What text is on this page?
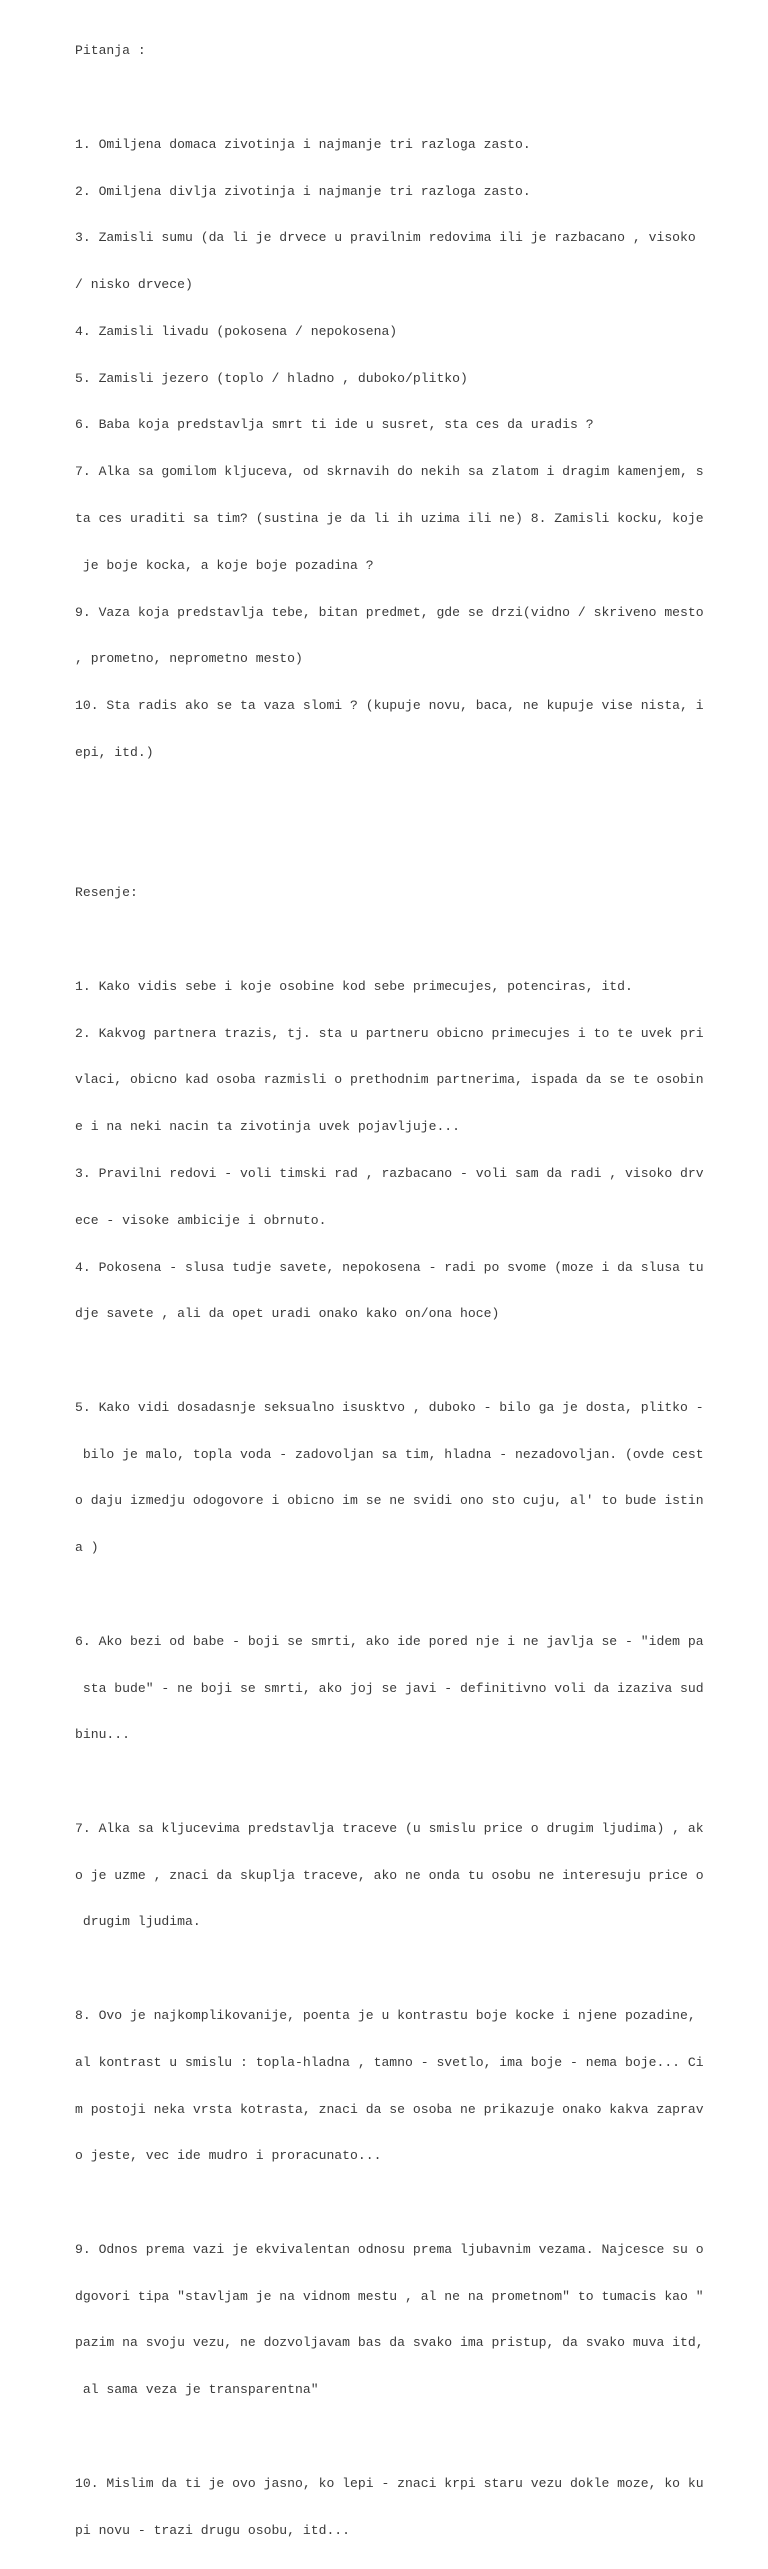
Pitanja :

1. Omiljena domaca zivotinja i najmanje tri razloga zasto.

2. Omiljena divlja zivotinja i najmanje tri razloga zasto.

3. Zamisli sumu (da li je drvece u pravilnim redovima ili je razbacano , visoko

/ nisko drvece)

4. Zamisli livadu (pokosena / nepokosena)

5. Zamisli jezero (toplo / hladno , duboko/plitko)

6. Baba koja predstavlja smrt ti ide u susret, sta ces da uradis ?

7. Alka sa gomilom kljuceva, od skrnavih do nekih sa zlatom i dragim kamenjem, s

ta ces uraditi sa tim? (sustina je da li ih uzima ili ne) 8. Zamisli kocku, koje

je boje kocka, a koje boje pozadina ?

9. Vaza koja predstavlja tebe, bitan predmet, gde se drzi(vidno / skriveno mesto

, prometno, neprometno mesto)

10. Sta radis ako se ta vaza slomi ? (kupuje novu, baca, ne kupuje vise nista, i

epi, itd.)

Resenje:

1. Kako vidis sebe i koje osobine kod sebe primecujes, potenciras, itd.

2. Kakvog partnera trazis, tj. sta u partneru obicno primecujes i to te uvek pri

vlaci, obicno kad osoba razmisli o prethodnim partnerima, ispada da se te osobin

e i na neki nacin ta zivotinja uvek pojavljuje...

3. Pravilni redovi - voli timski rad , razbacano - voli sam da radi , visoko drv

ece - visoke ambicije i obrnuto.

4. Pokosena - slusa tudje savete, nepokosena - radi po svome (moze i da slusa tu

dje savete , ali da opet uradi onako kako on/ona hoce)

5. Kako vidi dosadasnje seksualno isusktvo , duboko - bilo ga je dosta, plitko -

bilo je malo, topla voda - zadovoljan sa tim, hladna - nezadovoljan. (ovde cest

o daju izmedju odogovore i obicno im se ne svidi ono sto cuju, al' to bude istin

a )

6. Ako bezi od babe - boji se smrti, ako ide pored nje i ne javlja se - "idem pa

sta bude" - ne boji se smrti, ako joj se javi - definitivno voli da izaziva sud

binu...

7. Alka sa kljucevima predstavlja traceve (u smislu price o drugim ljudima) , ak

o je uzme , znaci da skuplja traceve, ako ne onda tu osobu ne interesuju price o

drugim ljudima.

8. Ovo je najkomplikovanije, poenta je u kontrastu boje kocke i njene pozadine,

al kontrast u smislu : topla-hladna , tamno - svetlo, ima boje - nema boje... Ci

m postoji neka vrsta kotrasta, znaci da se osoba ne prikazuje onako kakva zaprav

o jeste, vec ide mudro i proracunato...

9. Odnos prema vazi je ekvivalentan odnosu prema ljubavnim vezama. Najcesce su o

dgovori tipa "stavljam je na vidnom mestu , al ne na prometnom" to tumacis kao "

pazim na svoju vezu, ne dozvoljavam bas da svako ima pristup, da svako muva itd,

al sama veza je transparentna"

10. Mislim da ti je ovo jasno, ko lepi - znaci krpi staru vezu dokle moze, ko ku

pi novu - trazi drugu osobu, itd...
